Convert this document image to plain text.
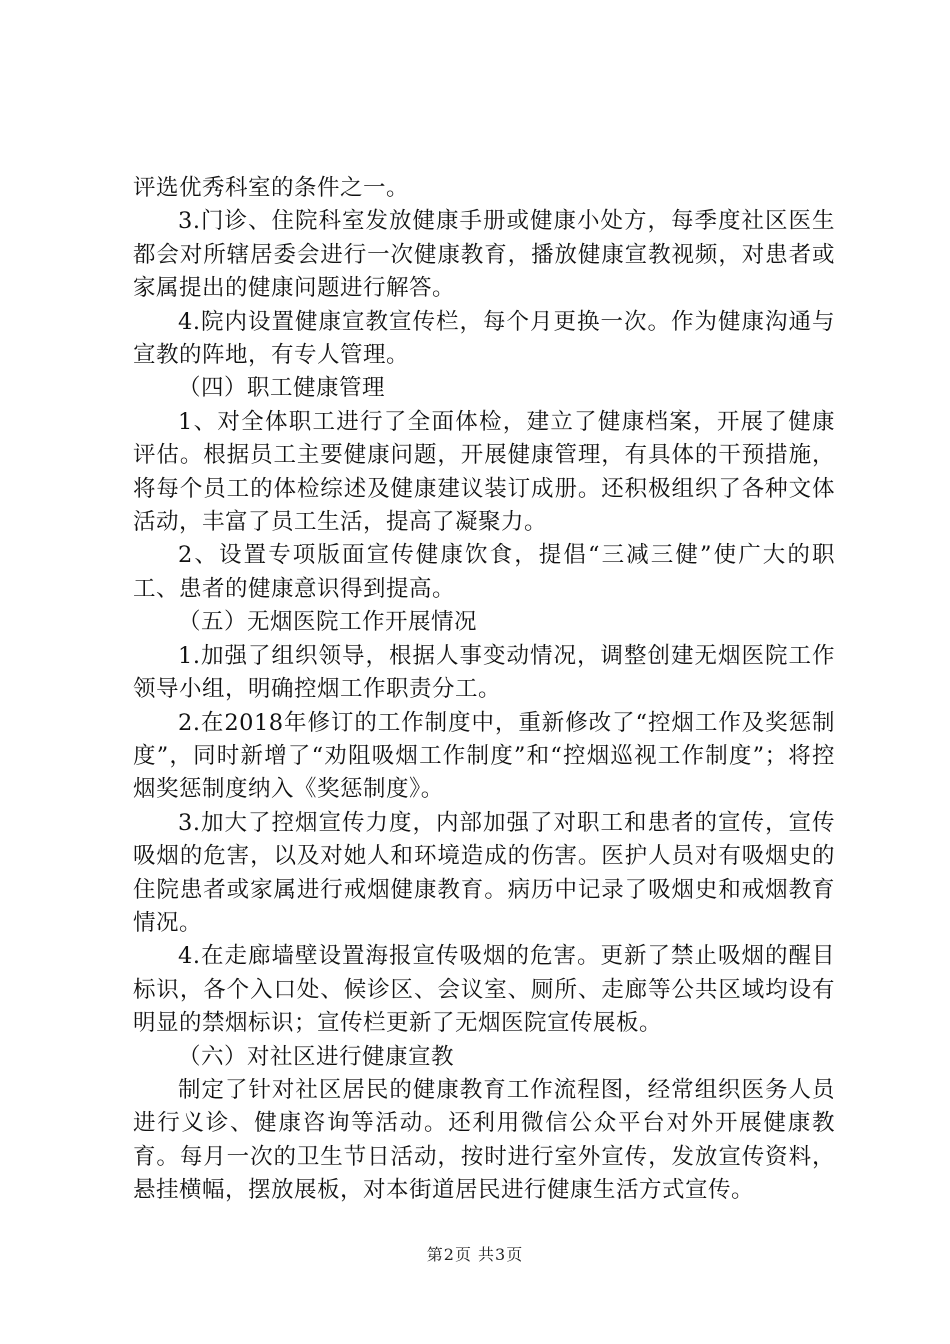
评选优秀科室的条件之一。

3.门诊、住院科室发放健康手册或健康小处方，每季度社区医生都会对所辖居委会进行一次健康教育，播放健康宣教视频，对患者或家属提出的健康问题进行解答。

4.院内设置健康宣教宣传栏，每个月更换一次。作为健康沟通与宣教的阵地，有专人管理。

（四）职工健康管理

1、对全体职工进行了全面体检，建立了健康档案，开展了健康评估。根据员工主要健康问题，开展健康管理，有具体的干预措施，将每个员工的体检综述及健康建议装订成册。还积极组织了各种文体活动，丰富了员工生活，提高了凝聚力。

2、设置专项版面宣传健康饮食，提倡“三减三健”使广大的职工、患者的健康意识得到提高。

（五）无烟医院工作开展情况

1.加强了组织领导，根据人事变动情况，调整创建无烟医院工作领导小组，明确控烟工作职责分工。

2.在2018年修订的工作制度中，重新修改了“控烟工作及奖惩制度”，同时新增了“劝阻吸烟工作制度”和“控烟巡视工作制度”；将控烟奖惩制度纳入《奖惩制度》。

3.加大了控烟宣传力度，内部加强了对职工和患者的宣传，宣传吸烟的危害，以及对她人和环境造成的伤害。医护人员对有吸烟史的住院患者或家属进行戒烟健康教育。病历中记录了吸烟史和戒烟教育情况。

4.在走廊墙壁设置海报宣传吸烟的危害。更新了禁止吸烟的醒目标识，各个入口处、候诊区、会议室、厕所、走廊等公共区域均设有明显的禁烟标识；宣传栏更新了无烟医院宣传展板。

（六）对社区进行健康宣教

制定了针对社区居民的健康教育工作流程图，经常组织医务人员进行义诊、健康咨询等活动。还利用微信公众平台对外开展健康教育。每月一次的卫生节日活动，按时进行室外宣传，发放宣传资料，悬挂横幅，摆放展板，对本街道居民进行健康生活方式宣传。

第2页 共3页
